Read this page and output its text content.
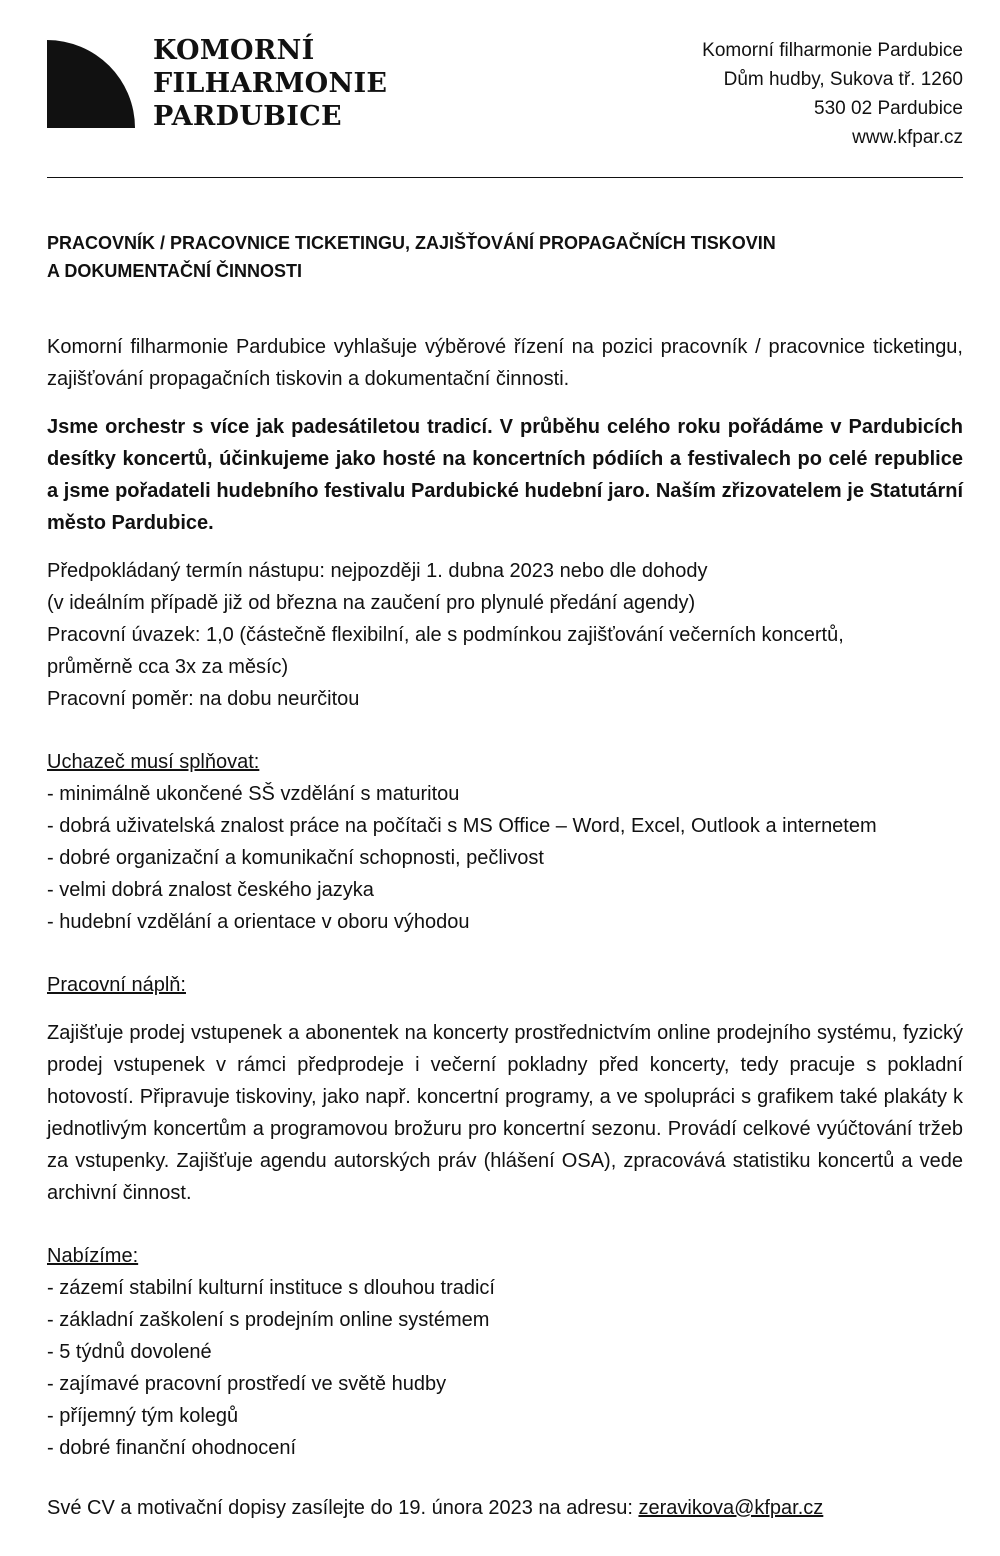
KOMORNÍ
FILHARMONIE
PARDUBICE
Komorní filharmonie Pardubice
Dům hudby, Sukova tř. 1260
530 02 Pardubice
www.kfpar.cz
PRACOVNÍK / PRACOVNICE TICKETINGU, ZAJIŠŤOVÁNÍ PROPAGAČNÍCH TISKOVIN
A DOKUMENTAČNÍ ČINNOSTI

Komorní filharmonie Pardubice vyhlašuje výběrové řízení na pozici pracovník / pracovnice ticketingu, zajišťování propagačních tiskovin a dokumentační činnosti.

Jsme orchestr s více jak padesátiletou tradicí. V průběhu celého roku pořádáme v Pardubicích desítky koncertů, účinkujeme jako hosté na koncertních pódiích a festivalech po celé republice a jsme pořadateli hudebního festivalu Pardubické hudební jaro. Naším zřizovatelem je Statutární město Pardubice.

Předpokládaný termín nástupu: nejpozději 1. dubna 2023 nebo dle dohody
(v ideálním případě již od března na zaučení pro plynulé předání agendy)
Pracovní úvazek: 1,0 (částečně flexibilní, ale s podmínkou zajišťování večerních koncertů,
průměrně cca 3x za měsíc)
Pracovní poměr: na dobu neurčitou
Uchazeč musí splňovat:
- minimálně ukončené SŠ vzdělání s maturitou
- dobrá uživatelská znalost práce na počítači s MS Office – Word, Excel, Outlook a internetem
- dobré organizační a komunikační schopnosti, pečlivost
- velmi dobrá znalost českého jazyka
- hudební vzdělání a orientace v oboru výhodou
Pracovní náplň:

Zajišťuje prodej vstupenek a abonentek na koncerty prostřednictvím online prodejního systému, fyzický prodej vstupenek v rámci předprodeje i večerní pokladny před koncerty, tedy pracuje s pokladní hotovostí. Připravuje tiskoviny, jako např. koncertní programy, a ve spolupráci s grafikem také plakáty k jednotlivým koncertům a programovou brožuru pro koncertní sezonu. Provádí celkové vyúčtování tržeb za vstupenky. Zajišťuje agendu autorských práv (hlášení OSA), zpracovává statistiku koncertů a vede archivní činnost.

Nabízíme:
- zázemí stabilní kulturní instituce s dlouhou tradicí
- základní zaškolení s prodejním online systémem
- 5 týdnů dovolené
- zajímavé pracovní prostředí ve světě hudby
- příjemný tým kolegů
- dobré finanční ohodnocení
Své CV a motivační dopisy zasílejte do 19. února 2023 na adresu: zeravikova@kfpar.cz
